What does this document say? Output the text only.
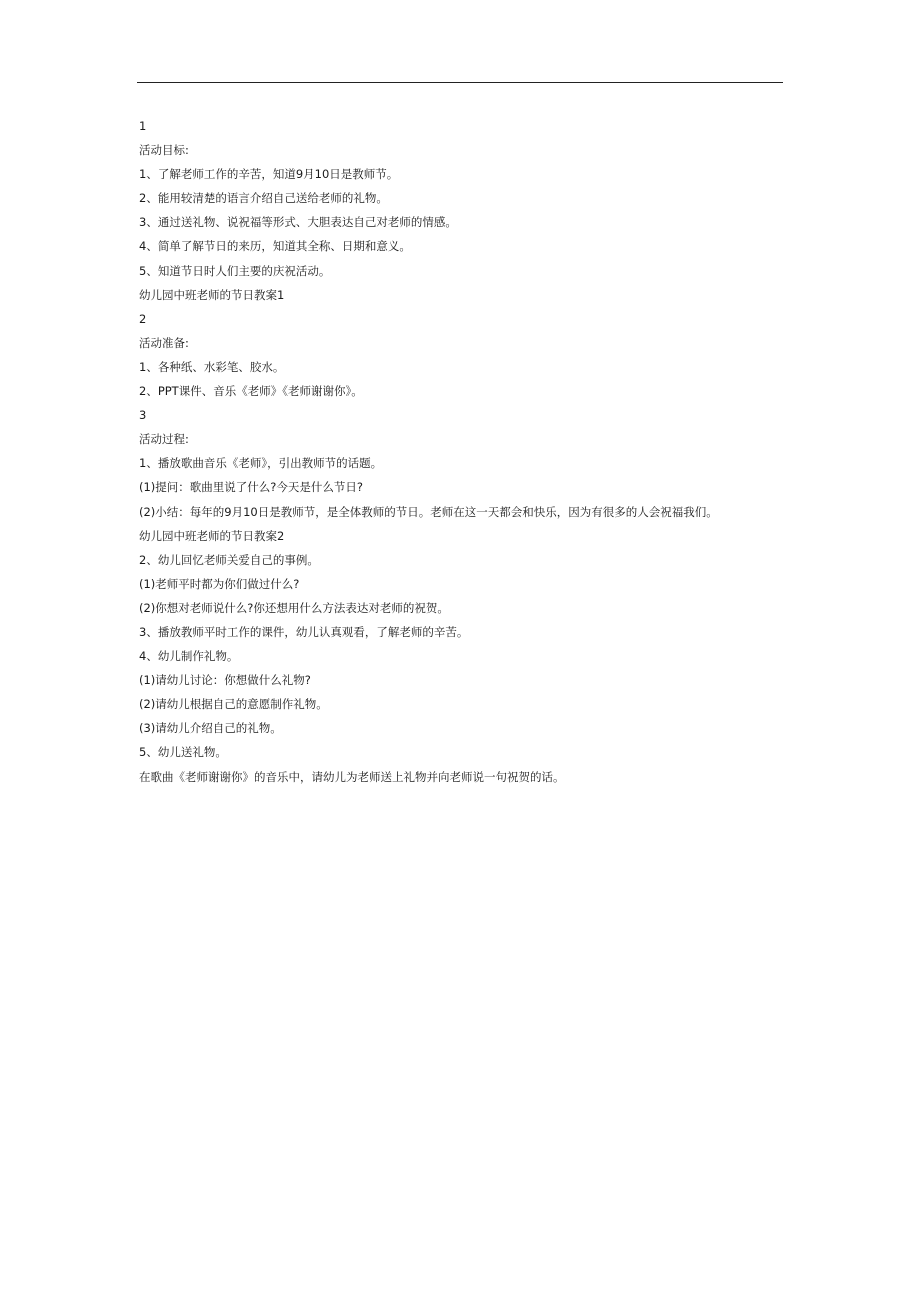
1
活动目标:
1、了解老师工作的辛苦，知道9月10日是教师节。
2、能用较清楚的语言介绍自己送给老师的礼物。
3、通过送礼物、说祝福等形式、大胆表达自己对老师的情感。
4、简单了解节日的来历，知道其全称、日期和意义。
5、知道节日时人们主要的庆祝活动。
幼儿园中班老师的节日教案1
2
活动准备:
1、各种纸、水彩笔、胶水。
2、PPT课件、音乐《老师》《老师谢谢你》。
3
活动过程:
1、播放歌曲音乐《老师》，引出教师节的话题。
(1)提问：歌曲里说了什么?今天是什么节日?
(2)小结：每年的9月10日是教师节，是全体教师的节日。老师在这一天都会和快乐，因为有很多的人会祝福我们。
幼儿园中班老师的节日教案2
2、幼儿回忆老师关爱自己的事例。
(1)老师平时都为你们做过什么?
(2)你想对老师说什么?你还想用什么方法表达对老师的祝贺。
3、播放教师平时工作的课件，幼儿认真观看，了解老师的辛苦。
4、幼儿制作礼物。
(1)请幼儿讨论：你想做什么礼物?
(2)请幼儿根据自己的意愿制作礼物。
(3)请幼儿介绍自己的礼物。
5、幼儿送礼物。
在歌曲《老师谢谢你》的音乐中，请幼儿为老师送上礼物并向老师说一句祝贺的话。
